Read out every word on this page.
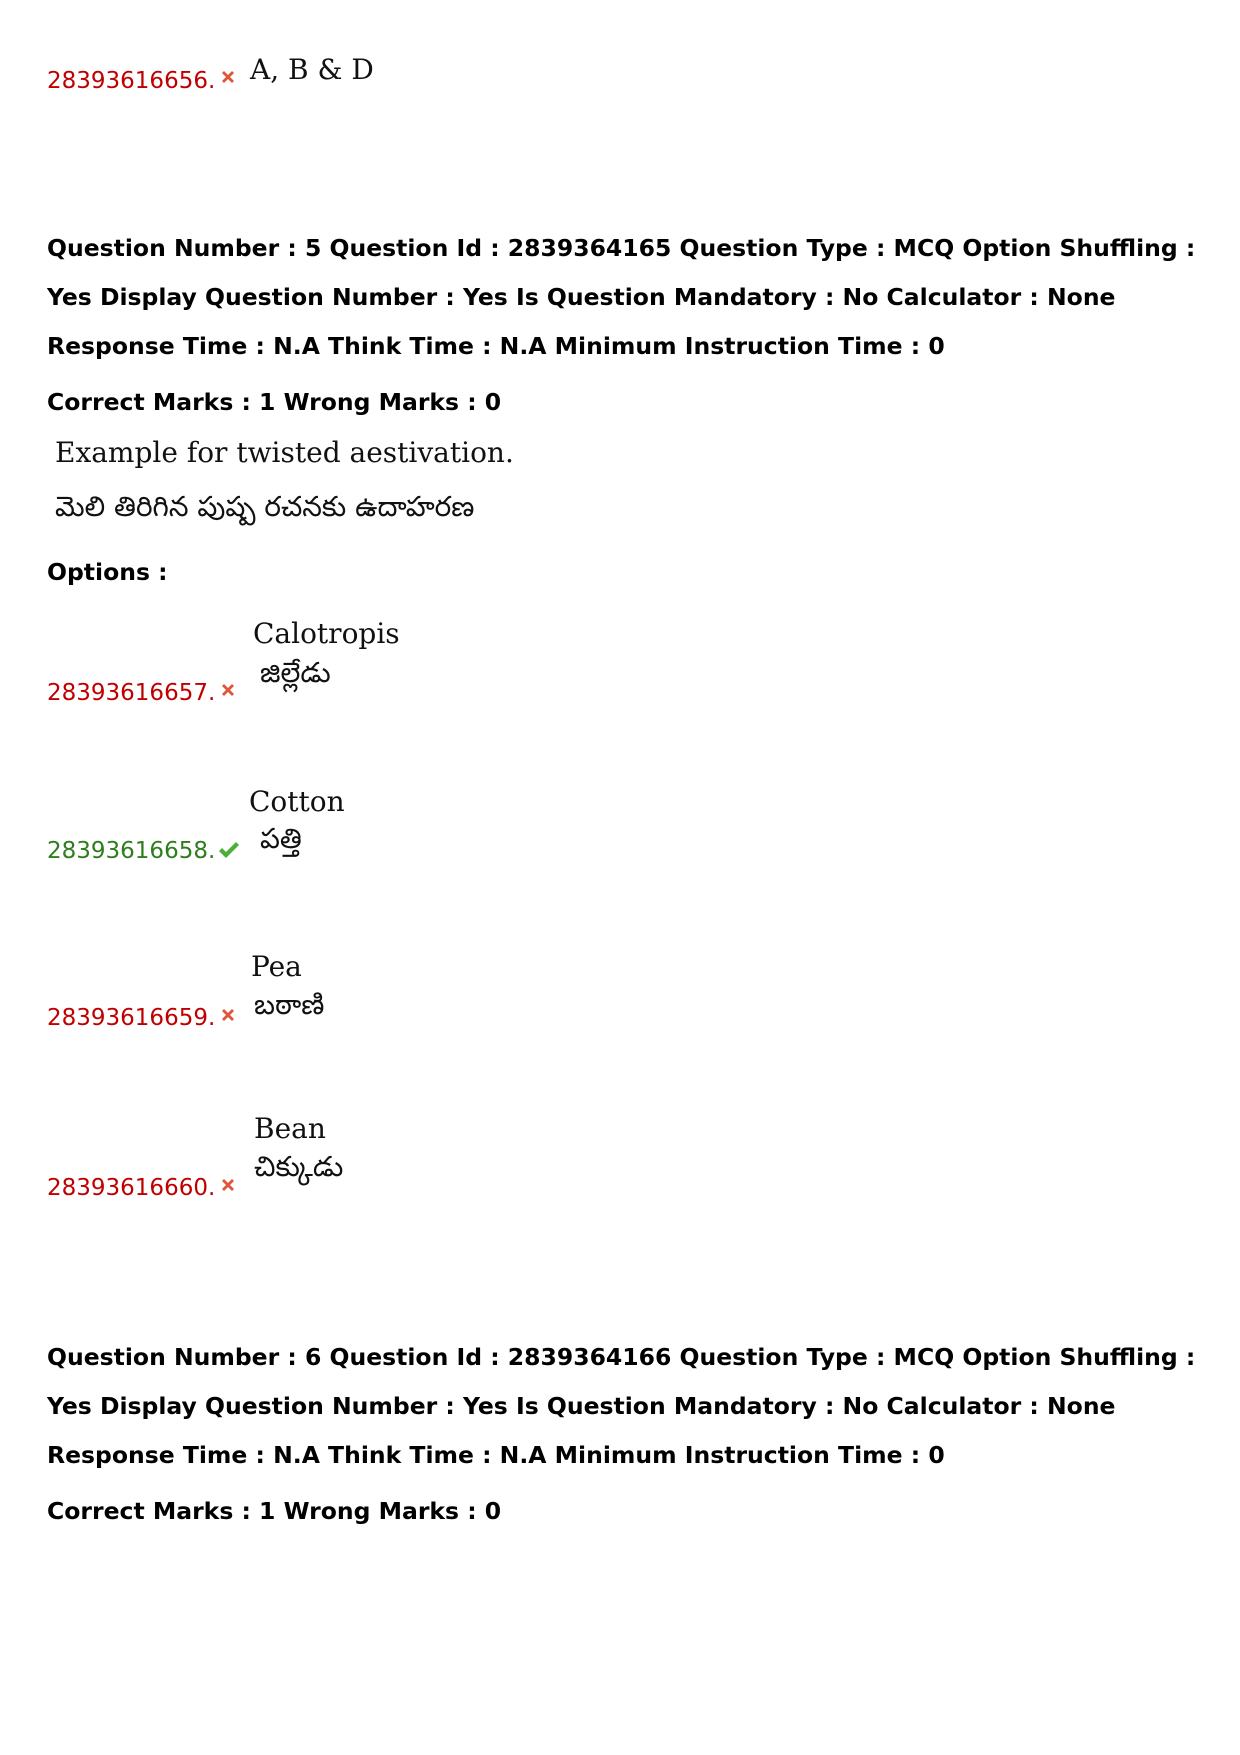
28393616656. A, B & D
Question Number : 5 Question Id : 2839364165 Question Type : MCQ Option Shuffling : Yes Display Question Number : Yes Is Question Mandatory : No Calculator : None Response Time : N.A Think Time : N.A Minimum Instruction Time : 0
Correct Marks : 1 Wrong Marks : 0
Example for twisted aestivation.
మెలి తిరిగిన పుష్ప రచనకు ఉదాహరణ
Options :
28393616657.
Calotropis
జిల్లేడు
28393616658.
Cotton
పత్తి
28393616659.
Pea
బఠాణి
28393616660.
Bean
చిక్కుడు
Question Number : 6 Question Id : 2839364166 Question Type : MCQ Option Shuffling : Yes Display Question Number : Yes Is Question Mandatory : No Calculator : None Response Time : N.A Think Time : N.A Minimum Instruction Time : 0
Correct Marks : 1 Wrong Marks : 0
